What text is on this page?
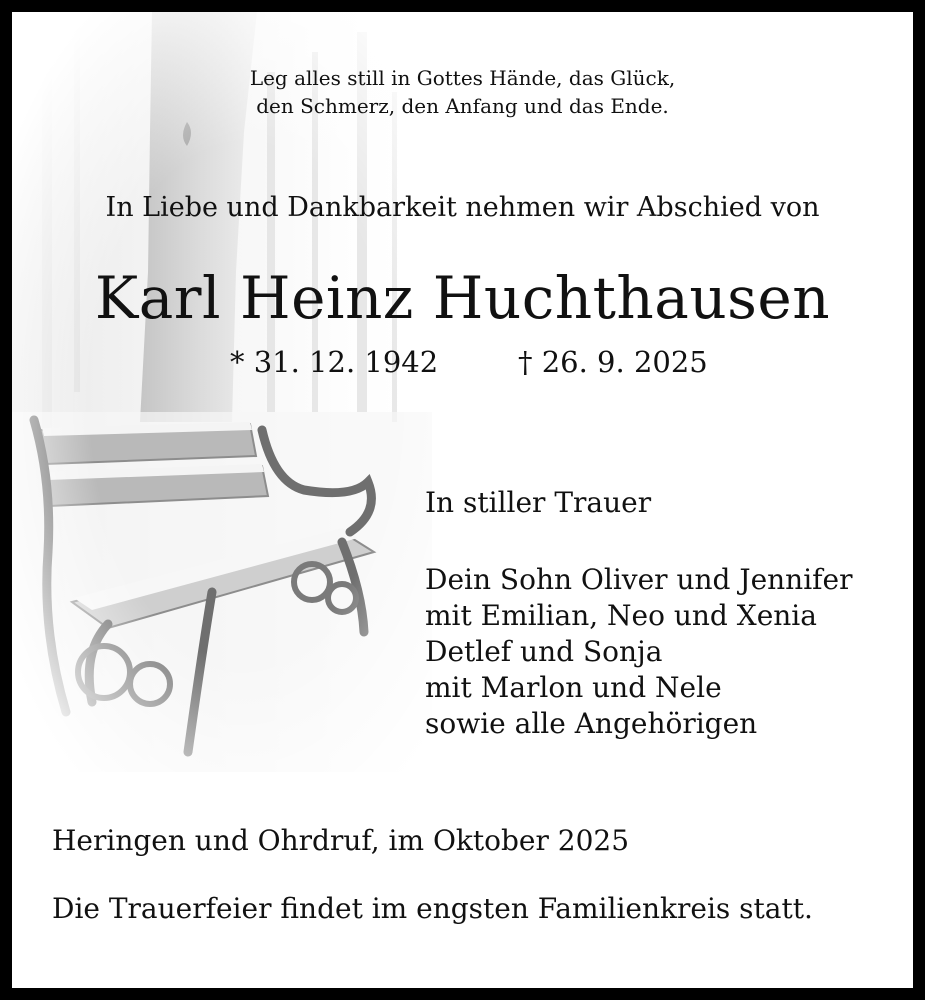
Leg alles still in Gottes Hände, das Glück,
den Schmerz, den Anfang und das Ende.
In Liebe und Dankbarkeit nehmen wir Abschied von
Karl Heinz Huchthausen
* 31. 12. 1942	† 26. 9. 2025
In stiller Trauer
Dein Sohn Oliver und Jennifer
mit Emilian, Neo und Xenia
Detlef und Sonja
mit Marlon und Nele
sowie alle Angehörigen
Heringen und Ohrdruf, im Oktober 2025
Die Trauerfeier findet im engsten Familienkreis statt.
